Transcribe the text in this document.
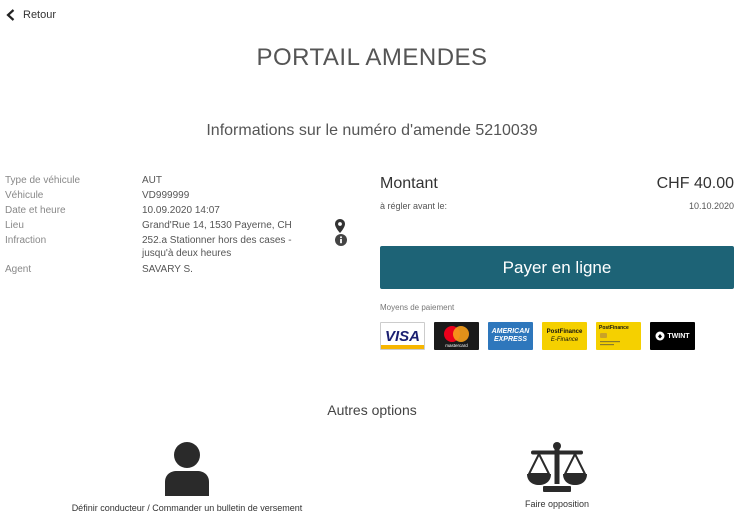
Retour
PORTAIL AMENDES
Informations sur le numéro d'amende 5210039
Type de véhicule	AUT
Véhicule	VD999999
Date et heure	10.09.2020 14:07
Lieu	Grand'Rue 14, 1530 Payerne, CH
Infraction	252.a Stationner hors des cases - jusqu'à deux heures
Agent	SAVARY S.
Montant	CHF 40.00
à régler avant le:	10.10.2020
Payer en ligne
Moyens de paiement
VISA
mastercard
AMERICAN
EXPRESS
PostFinance
E-Finance
PostFinance
TWINT
Autres options
Définir conducteur / Commander un bulletin de versement	Faire opposition
